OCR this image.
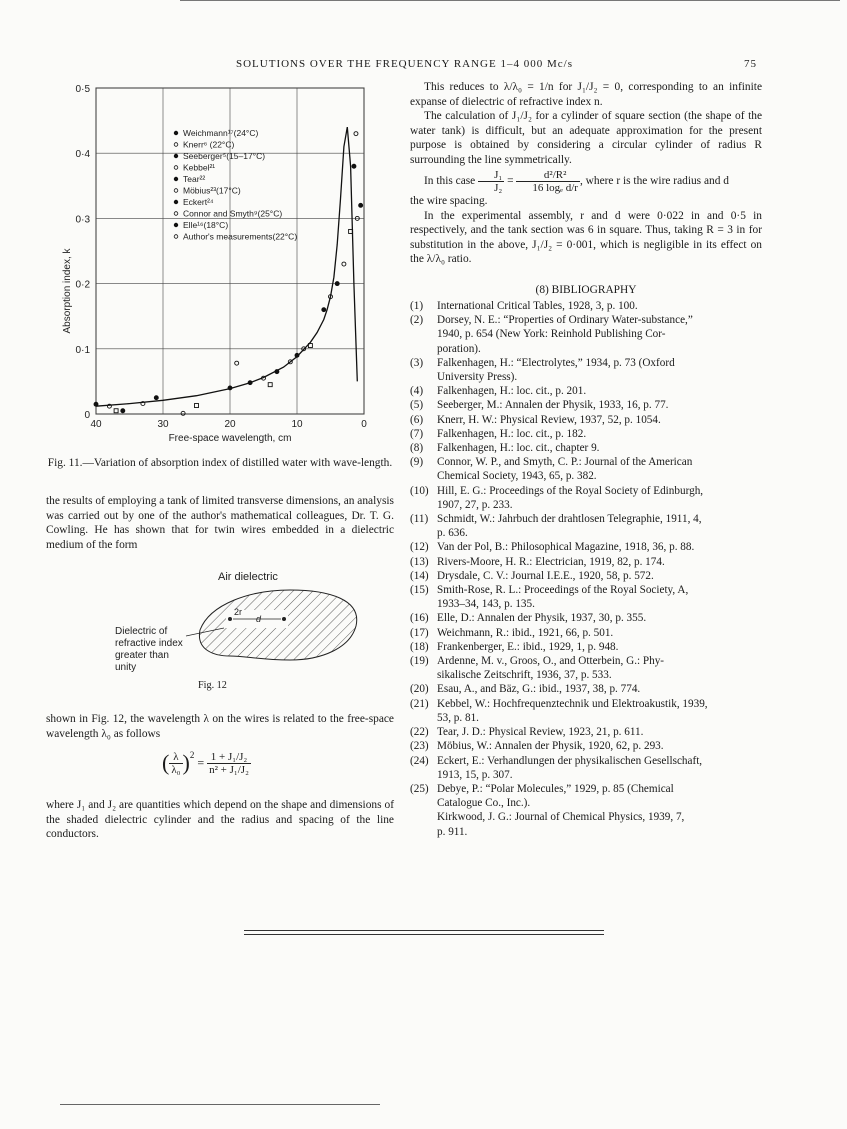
SOLUTIONS OVER THE FREQUENCY RANGE 1–4 000 Mc/s	75
0·5
0·4
0·3
0·2
0·1
0
40	30	20	10	0
Free-space wavelength, cm
Absorption index, k
Weichmann¹⁷(24°C)
Knerr⁶ (22°C)
Seeberger⁵(15–17°C)
Kebbel²¹
Tear²²
Möbius²³(17°C)
Eckert²⁴
Connor and Smyth⁹(25°C)
Elle¹⁶(18°C)
Author's measurements(22°C)

Fig. 11.—Variation of absorption index of distilled water with wave-length.

the results of employing a tank of limited transverse dimensions, an analysis was carried out by one of the author's mathematical colleagues, Dr. T. G. Cowling. He has shown that for twin wires embedded in a dielectric medium of the form

Air dielectric
2r
d
Dielectric of
refractive index
greater than
unity
Fig. 12

shown in Fig. 12, the wavelength λ on the wires is related to the free-space wavelength λ₀ as follows

( $\frac{\lambda}{\text{λ₀}} )^2 = \frac{\text{1 + J₁/J₂}}{\text{n² + J₁/J₂}}$

where J₁ and J₂ are quantities which depend on the shape and dimensions of the shaded dielectric cylinder and the radius and spacing of the line conductors.

This reduces to λ/λ₀ = 1/n for J₁/J₂ = 0, corresponding to an infinite expanse of dielectric of refractive index n.

The calculation of J₁/J₂ for a cylinder of square section (the shape of the water tank) is difficult, but an adequate approximation for the present purpose is obtained by considering a circular cylinder of radius R surrounding the line symmetrically.

In this case $\frac{\text{J₁}}{\text{J₂}} = \frac{\text{d²/R²}}{\text{16 logₑ d/r}}$ , where r is the wire radius and d

the wire spacing.

In the experimental assembly, r and d were 0·022 in and 0·5 in respectively, and the tank section was 6 in square. Thus, taking R = 3 in for substitution in the above, J₁/J₂ = 0·001, which is negligible in its effect on the λ/λ₀ ratio.

(8) BIBLIOGRAPHY

(1) International Critical Tables, 1928, 3, p. 100.

(2) Dorsey, N. E.: “Properties of Ordinary Water-substance,”

1940, p. 654 (New York: Reinhold Publishing Cor-

poration).

(3) Falkenhagen, H.: “Electrolytes,” 1934, p. 73 (Oxford

University Press).

(4) Falkenhagen, H.: loc. cit., p. 201.

(5) Seeberger, M.: Annalen der Physik, 1933, 16, p. 77.

(6) Knerr, H. W.: Physical Review, 1937, 52, p. 1054.

(7) Falkenhagen, H.: loc. cit., p. 182.

(8) Falkenhagen, H.: loc. cit., chapter 9.

(9) Connor, W. P., and Smyth, C. P.: Journal of the American

Chemical Society, 1943, 65, p. 382.

(10) Hill, E. G.: Proceedings of the Royal Society of Edinburgh,

1907, 27, p. 233.

(11) Schmidt, W.: Jahrbuch der drahtlosen Telegraphie, 1911, 4,

p. 636.

(12) Van der Pol, B.: Philosophical Magazine, 1918, 36, p. 88.

(13) Rivers-Moore, H. R.: Electrician, 1919, 82, p. 174.

(14) Drysdale, C. V.: Journal I.E.E., 1920, 58, p. 572.

(15) Smith-Rose, R. L.: Proceedings of the Royal Society, A,

1933–34, 143, p. 135.

(16) Elle, D.: Annalen der Physik, 1937, 30, p. 355.

(17) Weichmann, R.: ibid., 1921, 66, p. 501.

(18) Frankenberger, E.: ibid., 1929, 1, p. 948.

(19) Ardenne, M. v., Groos, O., and Otterbein, G.: Phy-

sikalische Zeitschrift, 1936, 37, p. 533.

(20) Esau, A., and Bäz, G.: ibid., 1937, 38, p. 774.

(21) Kebbel, W.: Hochfrequenztechnik und Elektroakustik, 1939,

53, p. 81.

(22) Tear, J. D.: Physical Review, 1923, 21, p. 611.

(23) Möbius, W.: Annalen der Physik, 1920, 62, p. 293.

(24) Eckert, E.: Verhandlungen der physikalischen Gesellschaft,

1913, 15, p. 307.

(25) Debye, P.: “Polar Molecules,” 1929, p. 85 (Chemical

Catalogue Co., Inc.).

Kirkwood, J. G.: Journal of Chemical Physics, 1939, 7,

p. 911.
